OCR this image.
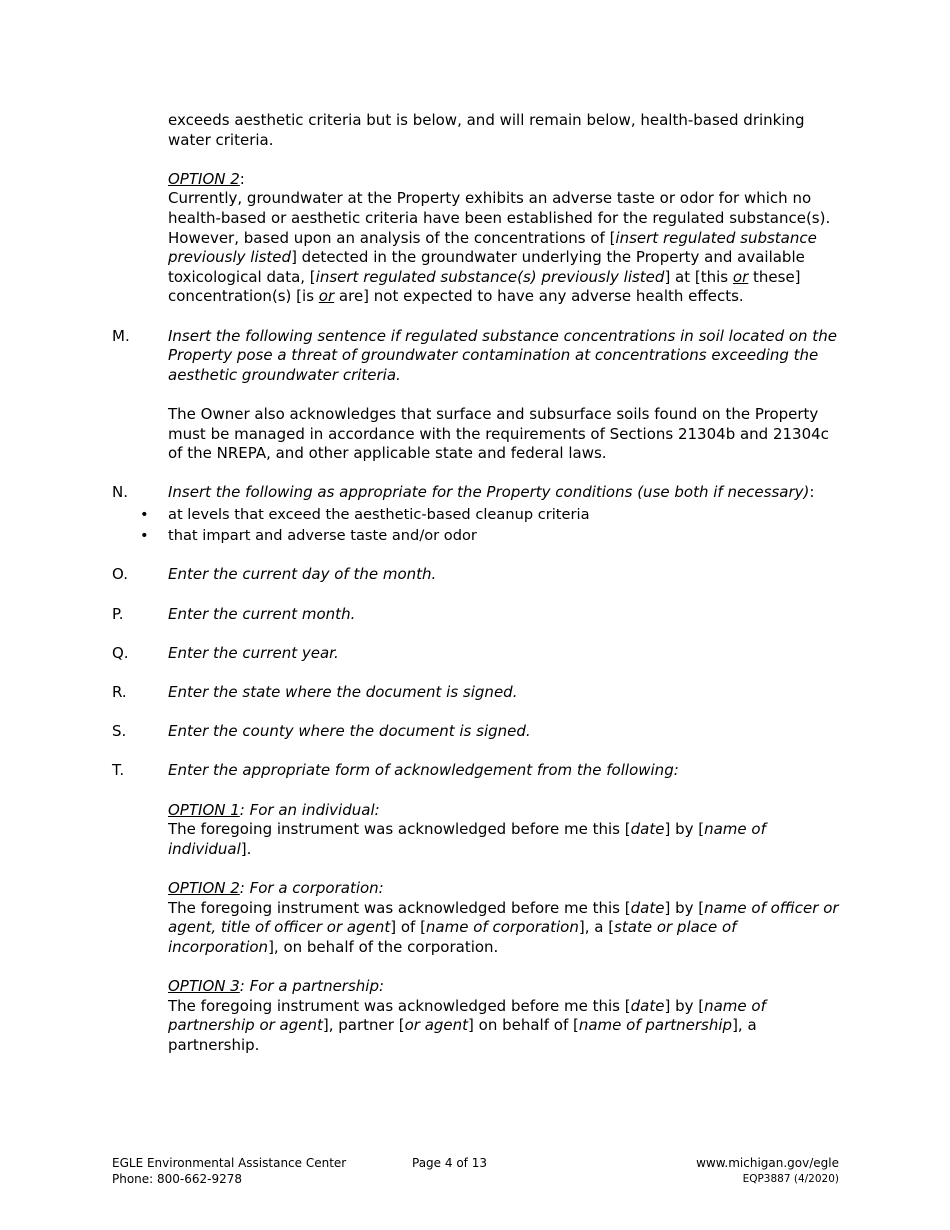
exceeds aesthetic criteria but is below, and will remain below, health-based drinking water criteria.

OPTION 2:

Currently, groundwater at the Property exhibits an adverse taste or odor for which no health-based or aesthetic criteria have been established for the regulated substance(s). However, based upon an analysis of the concentrations of [insert regulated substance previously listed] detected in the groundwater underlying the Property and available toxicological data, [insert regulated substance(s) previously listed] at [this or these] concentration(s) [is or are] not expected to have any adverse health effects.

M.	Insert the following sentence if regulated substance concentrations in soil located on the Property pose a threat of groundwater contamination at concentrations exceeding the aesthetic groundwater criteria.

The Owner also acknowledges that surface and subsurface soils found on the Property must be managed in accordance with the requirements of Sections 21304b and 21304c of the NREPA, and other applicable state and federal laws.

N.	Insert the following as appropriate for the Property conditions (use both if necessary):

• at levels that exceed the aesthetic-based cleanup criteria
• that impart and adverse taste and/or odor
O.	Enter the current day of the month.
P.	Enter the current month.
Q.	Enter the current year.
R.	Enter the state where the document is signed.
S.	Enter the county where the document is signed.
T.	Enter the appropriate form of acknowledgement from the following:

OPTION 1: For an individual:

The foregoing instrument was acknowledged before me this [date] by [name of individual].

OPTION 2: For a corporation:

The foregoing instrument was acknowledged before me this [date] by [name of officer or agent, title of officer or agent] of [name of corporation], a [state or place of incorporation], on behalf of the corporation.

OPTION 3: For a partnership:

The foregoing instrument was acknowledged before me this [date] by [name of partnership or agent], partner [or agent] on behalf of [name of partnership], a partnership.

EGLE Environmental Assistance Center
Phone: 800-662-9278
Page 4 of 13	www.michigan.gov/egle
EQP3887 (4/2020)
